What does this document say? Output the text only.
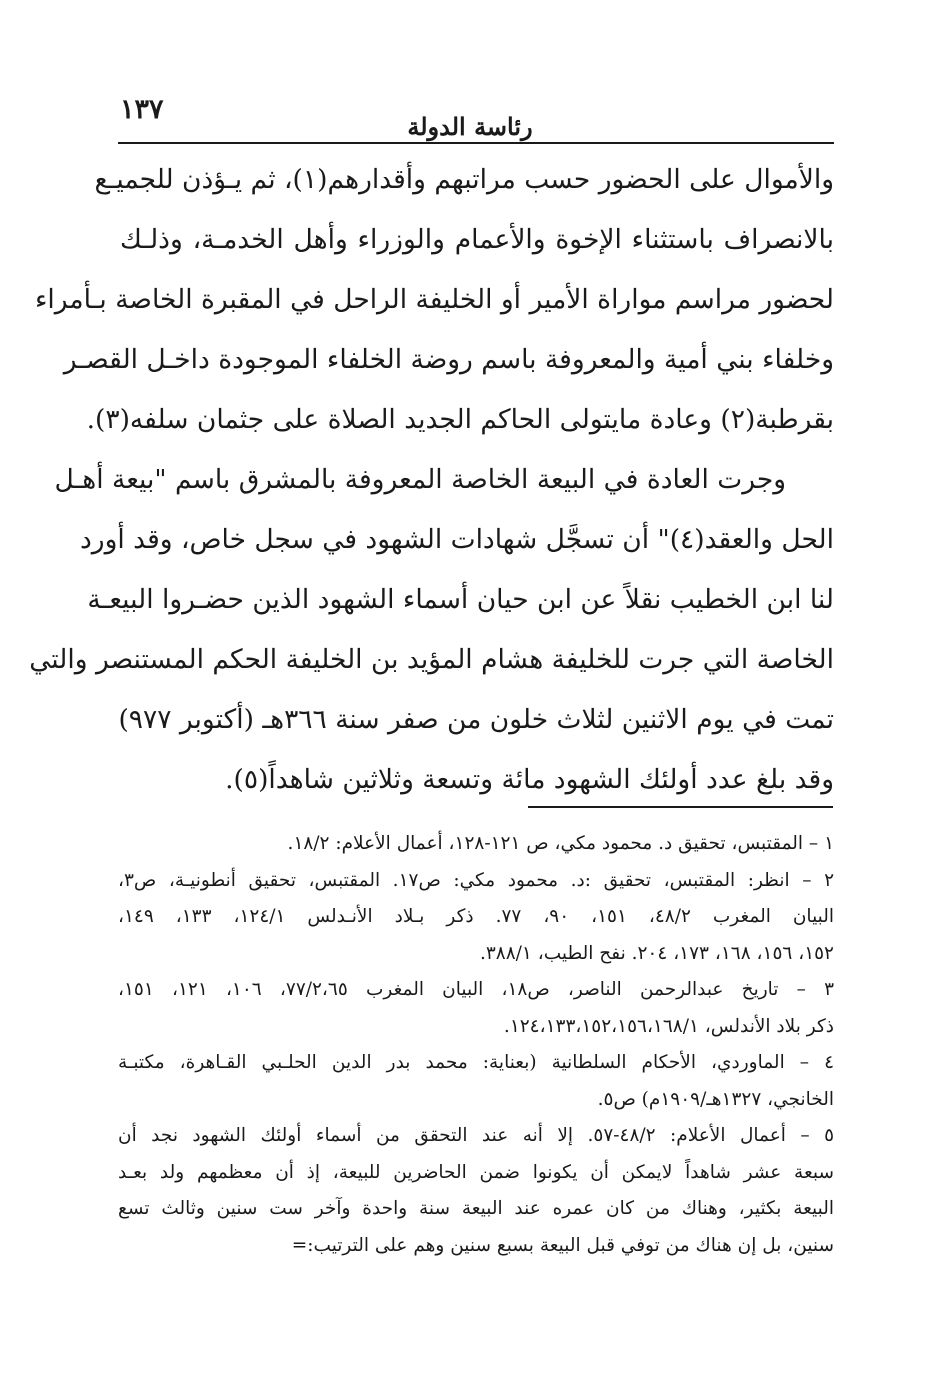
١٣٧
رئاسة الدولة
والأموال على الحضور حسب مراتبهم وأقدارهم(١)، ثم يـؤذن للجميـع
بالانصراف باستثناء الإخوة والأعمام والوزراء وأهل الخدمـة، وذلـك
لحضور مراسم مواراة الأمير أو الخليفة الراحل في المقبرة الخاصة بـأمراء
وخلفاء بني أمية والمعروفة باسم روضة الخلفاء الموجودة داخـل القصـر
بقرطبة(٢) وعادة مايتولى الحاكم الجديد الصلاة على جثمان سلفه(٣).
وجرت العادة في البيعة الخاصة المعروفة بالمشرق باسم "بيعة أهـل
الحل والعقد(٤)" أن تسجَّل شهادات الشهود في سجل خاص، وقد أورد
لنا ابن الخطيب نقلاً عن ابن حيان أسماء الشهود الذين حضـروا البيعـة
الخاصة التي جرت للخليفة هشام المؤيد بن الخليفة الحكم المستنصر والتي
تمت في يوم الاثنين لثلاث خلون من صفر سنة ٣٦٦هـ (أكتوبر ٩٧٧)
وقد بلغ عدد أولئك الشهود مائة وتسعة وثلاثين شاهداً(٥).
١ – المقتبس، تحقيق د. محمود مكي، ص ١٢١-١٢٨، أعمال الأعلام: ١٨/٢.
٢ – انظر: المقتبس، تحقيق :د. محمود مكي: ص١٧. المقتبس، تحقيق أنطونيـة، ص٣،
البيان المغرب ٤٨/٢، ١٥١، ٩٠، ٧٧. ذكر بـلاد الأنـدلس ١٢٤/١، ١٣٣، ١٤٩،
١٥٢، ١٥٦، ١٦٨، ١٧٣، ٢٠٤. نفح الطيب، ٣٨٨/١.
٣ – تاريخ عبدالرحمن الناصر، ص١٨، البيان المغرب ٧٧/٢،٦٥، ١٠٦، ١٢١، ١٥١،
ذكر بلاد الأندلس، ١٢٤،١٣٣،١٥٢،١٥٦،١٦٨/١.
٤ – الماوردي، الأحكام السلطانية (بعناية: محمد بدر الدين الحلـبي القـاهرة، مكتبـة
الخانجي، ١٣٢٧هـ/١٩٠٩م) ص٥.
٥ – أعمال الأعلام: ٤٨/٢-٥٧. إلا أنه عند التحقق من أسماء أولئك الشهود نجد أن
سبعة عشر شاهداً لايمكن أن يكونوا ضمن الحاضرين للبيعة، إذ أن معظمهم ولد بعـد
البيعة بكثير، وهناك من كان عمره عند البيعة سنة واحدة وآخر ست سنين وثالث تسع
سنين، بل إن هناك من توفي قبل البيعة بسبع سنين وهم على الترتيب:=
